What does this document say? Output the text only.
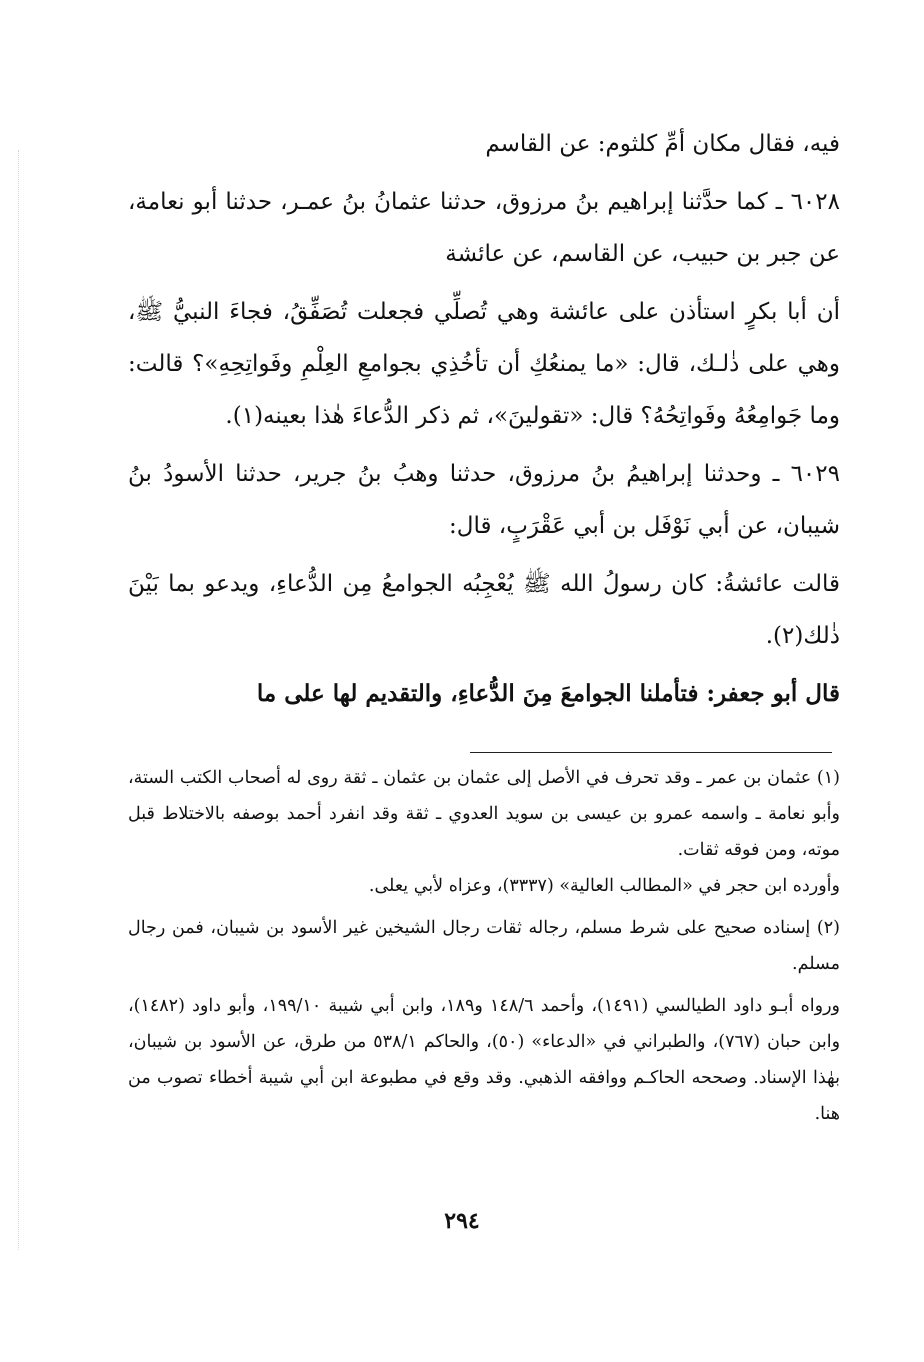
فيه، فقال مكان أمِّ كلثوم: عن القاسم

٦٠٢٨ ـ كما حدَّثنا إبراهيم بنُ مرزوق، حدثنا عثمانُ بنُ عمـر، حدثنا أبو نعامة، عن جبر بن حبيب، عن القاسم، عن عائشة

أن أبا بكرٍ استأذن على عائشة وهي تُصلِّي فجعلت تُصَفِّقُ، فجاءَ النبيُّ ﷺ، وهي على ذٰلـك، قال: «ما يمنعُكِ أن تأخُذِي بجوامعِ العِلْمِ وفَواتِحِهِ»؟ قالت: وما جَوامِعُهُ وفَواتِحُهُ؟ قال: «تقولينَ»، ثم ذكر الدُّعاءَ هٰذا بعينه(١).

٦٠٢٩ ـ وحدثنا إبراهيمُ بنُ مرزوق، حدثنا وهبُ بنُ جرير، حدثنا الأسودُ بنُ شيبان، عن أبي نَوْفَل بن أبي عَقْرَبٍ، قال:

قالت عائشةُ: كان رسولُ الله ﷺ يُعْجِبُه الجوامعُ مِن الدُّعاءِ، ويدعو بما بَيْنَ ذٰلك(٢).

قال أبو جعفر: فتأملنا الجوامعَ مِنَ الدُّعاءِ، والتقديم لها على ما

(١) عثمان بن عمر ـ وقد تحرف في الأصل إلى عثمان بن عثمان ـ ثقة روى له أصحاب الكتب الستة، وأبو نعامة ـ واسمه عمرو بن عيسى بن سويد العدوي ـ ثقة وقد انفرد أحمد بوصفه بالاختلاط قبل موته، ومن فوقه ثقات.

وأورده ابن حجر في «المطالب العالية» (٣٣٣٧)، وعزاه لأبي يعلى.

(٢) إسناده صحيح على شرط مسلم، رجاله ثقات رجال الشيخين غير الأسود بن شيبان، فمن رجال مسلم.

ورواه أبـو داود الطيالسي (١٤٩١)، وأحمد ١٤٨/٦ و١٨٩، وابن أبي شيبة ١٩٩/١٠، وأبو داود (١٤٨٢)، وابن حبان (٧٦٧)، والطبراني في «الدعاء» (٥٠)، والحاكم ٥٣٨/١ من طرق، عن الأسود بن شيبان، بهٰذا الإسناد. وصححه الحاكـم ووافقه الذهبي. وقد وقع في مطبوعة ابن أبي شيبة أخطاء تصوب من هنا.

٢٩٤
